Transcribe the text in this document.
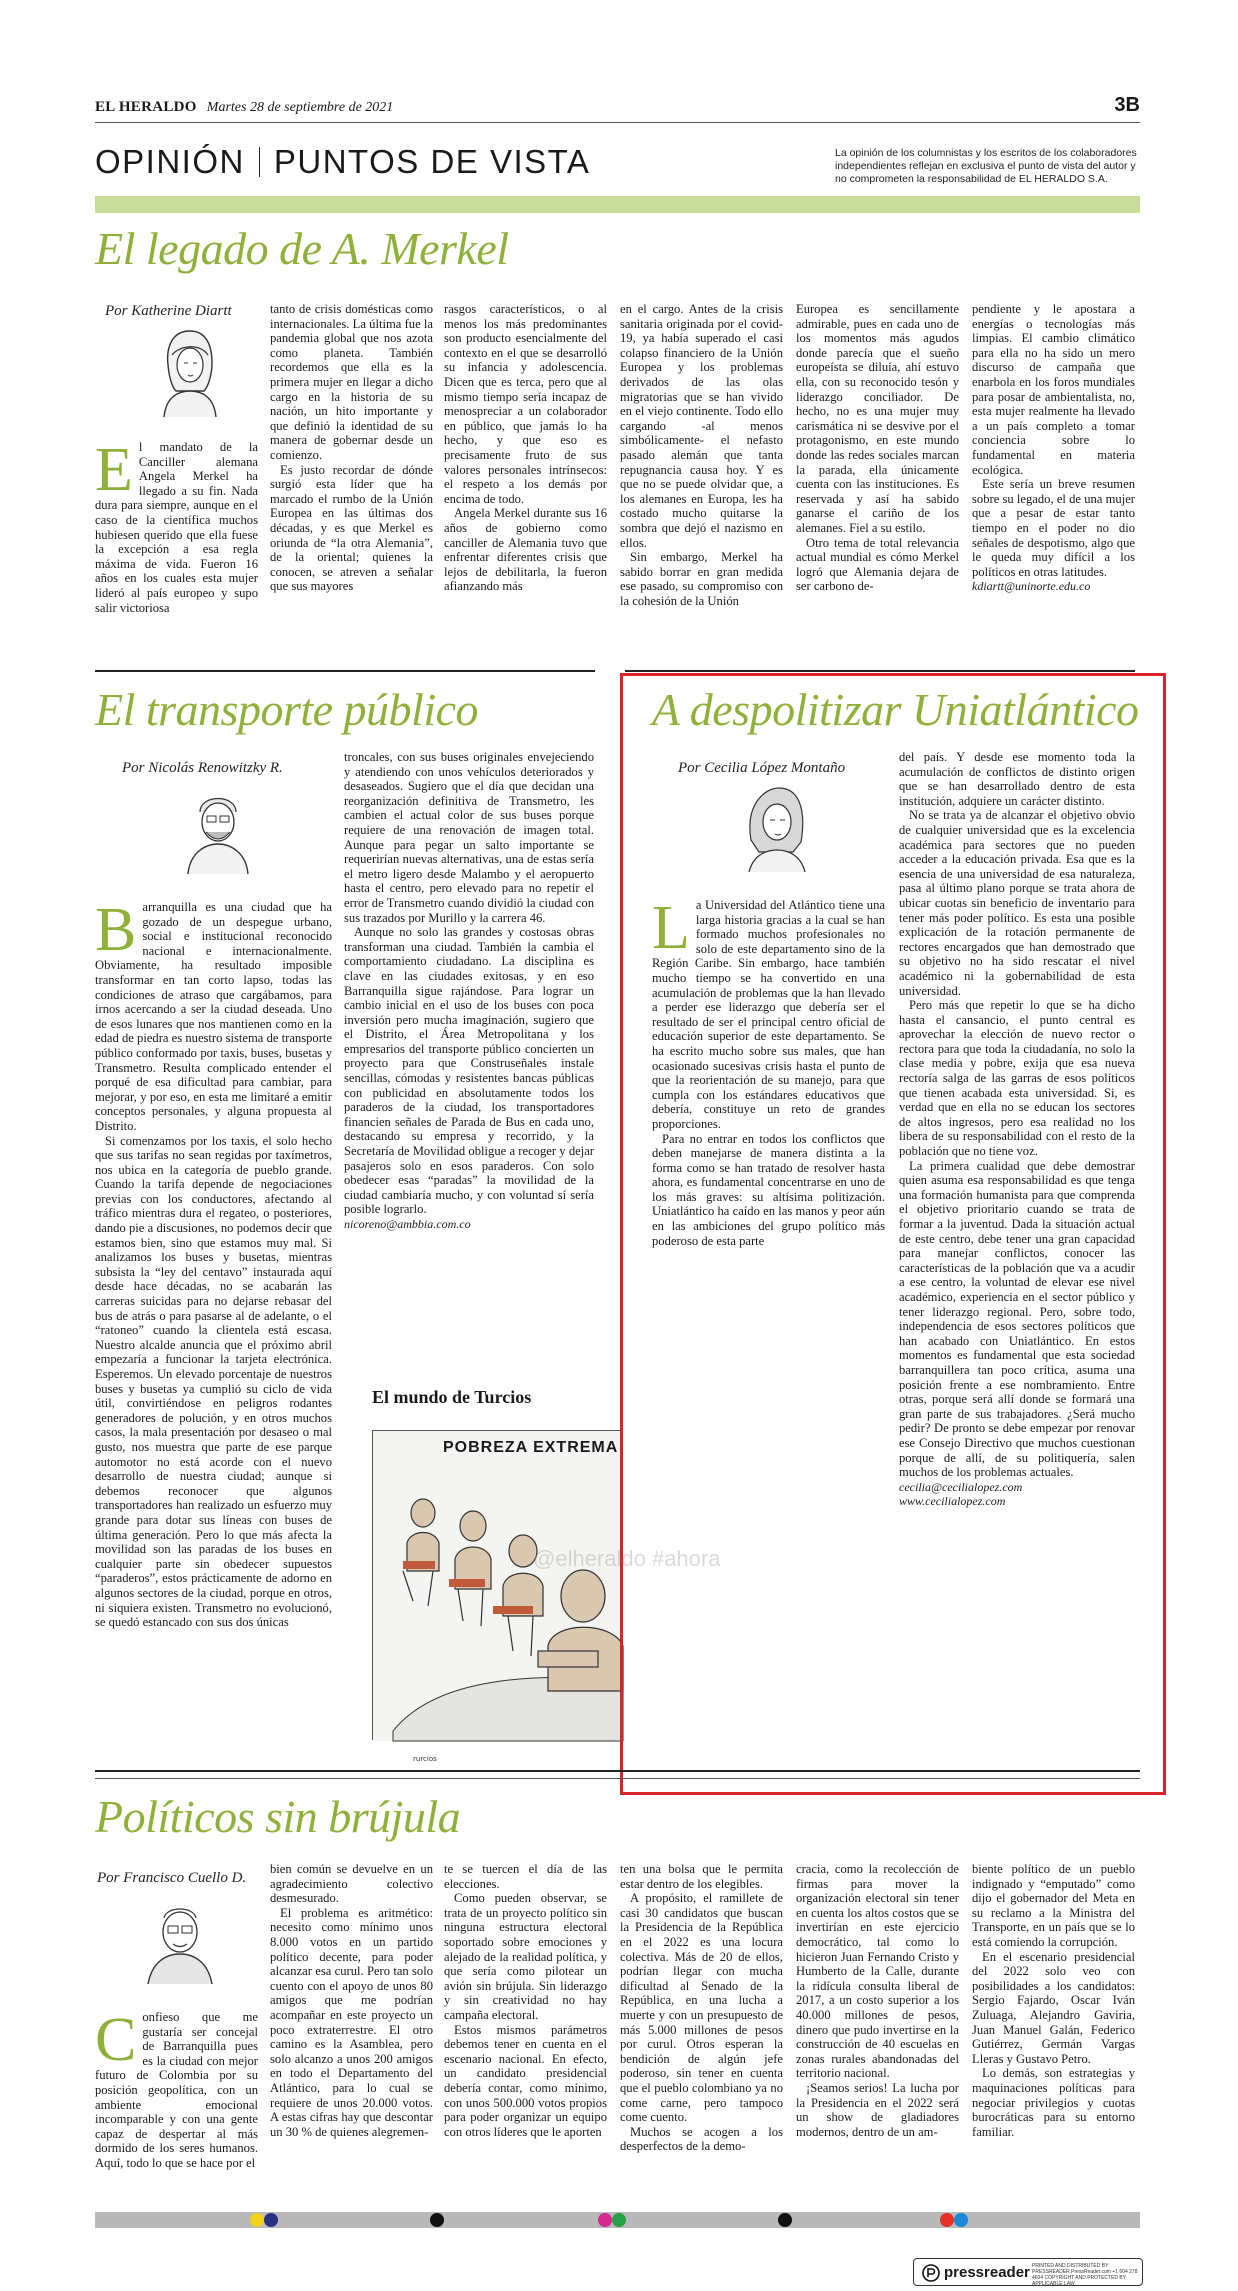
EL HERALDO Martes 28 de septiembre de 2021	3B
OPINIÓN PUNTOS DE VISTA	La opinión de los columnistas y los escritos de los colaboradores independientes reflejan en exclusiva el punto de vista del autor y no comprometen la responsabilidad de EL HERALDO S.A.
El legado de A. Merkel
Por Katherine Diartt
E l mandato de la Canciller alemana Angela Merkel ha llegado a su fin. Nada dura para siempre, aunque en el caso de la científica muchos hubiesen querido que ella fuese la excepción a esa regla máxima de vida. Fueron 16 años en los cuales esta mujer lideró al país europeo y supo salir victoriosa

tanto de crisis domésticas como internacionales. La última fue la pandemia global que nos azota como planeta. También recordemos que ella es la primera mujer en llegar a dicho cargo en la historia de su nación, un hito importante y que definió la identidad de su manera de gobernar desde un comienzo.

Es justo recordar de dónde surgió esta líder que ha marcado el rumbo de la Unión Europea en las últimas dos décadas, y es que Merkel es oriunda de “la otra Alemania”, de la oriental; quienes la conocen, se atreven a señalar que sus mayores

rasgos característicos, o al menos los más predominantes son producto esencialmente del contexto en el que se desarrolló su infancia y adolescencia. Dicen que es terca, pero que al mismo tiempo sería incapaz de menospreciar a un colaborador en público, que jamás lo ha hecho, y que eso es precisamente fruto de sus valores personales intrínsecos: el respeto a los demás por encima de todo.

Angela Merkel durante sus 16 años de gobierno como canciller de Alemania tuvo que enfrentar diferentes crisis que lejos de debilitarla, la fueron afianzando más

en el cargo. Antes de la crisis sanitaria originada por el covid-19, ya había superado el casi colapso financiero de la Unión Europea y los problemas derivados de las olas migratorias que se han vivido en el viejo continente. Todo ello cargando -al menos simbólicamente- el nefasto pasado alemán que tanta repugnancia causa hoy. Y es que no se puede olvidar que, a los alemanes en Europa, les ha costado mucho quitarse la sombra que dejó el nazismo en ellos.

Sin embargo, Merkel ha sabido borrar en gran medida ese pasado, su compromiso con la cohesión de la Unión

Europea es sencillamente admirable, pues en cada uno de los momentos más agudos donde parecía que el sueño europeísta se diluía, ahí estuvo ella, con su reconocido tesón y liderazgo conciliador. De hecho, no es una mujer muy carismática ni se desvive por el protagonismo, en este mundo donde las redes sociales marcan la parada, ella únicamente cuenta con las instituciones. Es reservada y así ha sabido ganarse el cariño de los alemanes. Fiel a su estilo.

Otro tema de total relevancia actual mundial es cómo Merkel logró que Alemania dejara de ser carbono de-

pendiente y le apostara a energías o tecnologías más limpias. El cambio climático para ella no ha sido un mero discurso de campaña que enarbola en los foros mundiales para posar de ambientalista, no, esta mujer realmente ha llevado a un país completo a tomar conciencia sobre lo fundamental en materia ecológica.

Este sería un breve resumen sobre su legado, el de una mujer que a pesar de estar tanto tiempo en el poder no dio señales de despotismo, algo que le queda muy difícil a los políticos en otras latitudes.

kdiartt@uninorte.edu.co
El transporte público
Por Nicolás Renowitzky R.
B arranquilla es una ciudad que ha gozado de un despegue urbano, social e institucional reconocido nacional e internacionalmente. Obviamente, ha resultado imposible transformar en tan corto lapso, todas las condiciones de atraso que cargábamos, para irnos acercando a ser la ciudad deseada. Uno de esos lunares que nos mantienen como en la edad de piedra es nuestro sistema de transporte público conformado por taxis, buses, busetas y Transmetro. Resulta complicado entender el porqué de esa dificultad para cambiar, para mejorar, y por eso, en esta me limitaré a emitir conceptos personales, y alguna propuesta al Distrito.

Si comenzamos por los taxis, el solo hecho que sus tarifas no sean regidas por taxímetros, nos ubica en la categoría de pueblo grande. Cuando la tarifa depende de negociaciones previas con los conductores, afectando al tráfico mientras dura el regateo, o posteriores, dando pie a discusiones, no podemos decir que estamos bien, sino que estamos muy mal. Si analizamos los buses y busetas, mientras subsista la “ley del centavo” instaurada aquí desde hace décadas, no se acabarán las carreras suicidas para no dejarse rebasar del bus de atrás o para pasarse al de adelante, o el “ratoneo” cuando la clientela está escasa. Nuestro alcalde anuncia que el próximo abril empezaría a funcionar la tarjeta electrónica. Esperemos. Un elevado porcentaje de nuestros buses y busetas ya cumplió su ciclo de vida útil, convirtiéndose en peligros rodantes generadores de polución, y en otros muchos casos, la mala presentación por desaseo o mal gusto, nos muestra que parte de ese parque automotor no está acorde con el nuevo desarrollo de nuestra ciudad; aunque si debemos reconocer que algunos transportadores han realizado un esfuerzo muy grande para dotar sus líneas con buses de última generación. Pero lo que más afecta la movilidad son las paradas de los buses en cualquier parte sin obedecer supuestos “paraderos”, estos prácticamente de adorno en algunos sectores de la ciudad, porque en otros, ni siquiera existen. Transmetro no evolucionó, se quedó estancado con sus dos únicas

troncales, con sus buses originales envejeciendo y atendiendo con unos vehículos deteriorados y desaseados. Sugiero que el día que decidan una reorganización definitiva de Transmetro, les cambien el actual color de sus buses porque requiere de una renovación de imagen total. Aunque para pegar un salto importante se requerirían nuevas alternativas, una de estas sería el metro ligero desde Malambo y el aeropuerto hasta el centro, pero elevado para no repetir el error de Transmetro cuando dividió la ciudad con sus trazados por Murillo y la carrera 46.

Aunque no solo las grandes y costosas obras transforman una ciudad. También la cambia el comportamiento ciudadano. La disciplina es clave en las ciudades exitosas, y en eso Barranquilla sigue rajándose. Para lograr un cambio inicial en el uso de los buses con poca inversión pero mucha imaginación, sugiero que el Distrito, el Área Metropolitana y los empresarios del transporte público concierten un proyecto para que Construseñales instale sencillas, cómodas y resistentes bancas públicas con publicidad en absolutamente todos los paraderos de la ciudad, los transportadores financien señales de Parada de Bus en cada uno, destacando su empresa y recorrido, y la Secretaría de Movilidad obligue a recoger y dejar pasajeros solo en esos paraderos. Con solo obedecer esas “paradas” la movilidad de la ciudad cambiaría mucho, y con voluntad sí sería posible lograrlo.

nicoreno@ambbia.com.co
El mundo de Turcios
rurcios
POBREZA EXTREMA
@elheraldo #ahora
A despolitizar Uniatlántico
Por Cecilia López Montaño
L a Universidad del Atlántico tiene una larga historia gracias a la cual se han formado muchos profesionales no solo de este departamento sino de la Región Caribe. Sin embargo, hace también mucho tiempo se ha convertido en una acumulación de problemas que la han llevado a perder ese liderazgo que debería ser el resultado de ser el principal centro oficial de educación superior de este departamento. Se ha escrito mucho sobre sus males, que han ocasionado sucesivas crisis hasta el punto de que la reorientación de su manejo, para que cumpla con los estándares educativos que debería, constituye un reto de grandes proporciones.

Para no entrar en todos los conflictos que deben manejarse de manera distinta a la forma como se han tratado de resolver hasta ahora, es fundamental concentrarse en uno de los más graves: su altísima politización. Uniatlántico ha caído en las manos y peor aún en las ambiciones del grupo político más poderoso de esta parte

del país. Y desde ese momento toda la acumulación de conflictos de distinto origen que se han desarrollado dentro de esta institución, adquiere un carácter distinto.

No se trata ya de alcanzar el objetivo obvio de cualquier universidad que es la excelencia académica para sectores que no pueden acceder a la educación privada. Esa que es la esencia de una universidad de esa naturaleza, pasa al último plano porque se trata ahora de ubicar cuotas sin beneficio de inventario para tener más poder político. Es esta una posible explicación de la rotación permanente de rectores encargados que han demostrado que su objetivo no ha sido rescatar el nivel académico ni la gobernabilidad de esta universidad.

Pero más que repetir lo que se ha dicho hasta el cansancio, el punto central es aprovechar la elección de nuevo rector o rectora para que toda la ciudadanía, no solo la clase media y pobre, exija que esa nueva rectoría salga de las garras de esos políticos que tienen acabada esta universidad. Si, es verdad que en ella no se educan los sectores de altos ingresos, pero esa realidad no los libera de su responsabilidad con el resto de la población que no tiene voz.

La primera cualidad que debe demostrar quien asuma esa responsabilidad es que tenga una formación humanista para que comprenda el objetivo prioritario cuando se trata de formar a la juventud. Dada la situación actual de este centro, debe tener una gran capacidad para manejar conflictos, conocer las características de la población que va a acudir a ese centro, la voluntad de elevar ese nivel académico, experiencia en el sector público y tener liderazgo regional. Pero, sobre todo, independencia de esos sectores políticos que han acabado con Uniatlántico. En estos momentos es fundamental que esta sociedad barranquillera tan poco crítica, asuma una posición frente a ese nombramiento. Entre otras, porque será allí donde se formará una gran parte de sus trabajadores. ¿Será mucho pedir? De pronto se debe empezar por renovar ese Consejo Directivo que muchos cuestionan porque de allí, de su politiquería, salen muchos de los problemas actuales.

cecilia@cecilialopez.com
www.cecilialopez.com
Políticos sin brújula
Por Francisco Cuello D.
C onfieso que me gustaría ser concejal de Barranquilla pues es la ciudad con mejor futuro de Colombia por su posición geopolítica, con un ambiente emocional incomparable y con una gente capaz de despertar al más dormido de los seres humanos. Aquí, todo lo que se hace por el

bien común se devuelve en un agradecimiento colectivo desmesurado.

El problema es aritmético: necesito como mínimo unos 8.000 votos en un partido político decente, para poder alcanzar esa curul. Pero tan solo cuento con el apoyo de unos 80 amigos que me podrían acompañar en este proyecto un poco extraterrestre. El otro camino es la Asamblea, pero solo alcanzo a unos 200 amigos en todo el Departamento del Atlántico, para lo cual se requiere de unos 20.000 votos. A estas cifras hay que descontar un 30 % de quienes alegremen-

te se tuercen el día de las elecciones.

Como pueden observar, se trata de un proyecto político sin ninguna estructura electoral soportado sobre emociones y alejado de la realidad política, y que sería como pilotear un avión sin brújula. Sin liderazgo y sin creatividad no hay campaña electoral.

Estos mismos parámetros debemos tener en cuenta en el escenario nacional. En efecto, un candidato presidencial debería contar, como mínimo, con unos 500.000 votos propios para poder organizar un equipo con otros líderes que le aporten

ten una bolsa que le permita estar dentro de los elegibles.

A propósito, el ramillete de casi 30 candidatos que buscan la Presidencia de la República en el 2022 es una locura colectiva. Más de 20 de ellos, podrían llegar con mucha dificultad al Senado de la República, en una lucha a muerte y con un presupuesto de más 5.000 millones de pesos por curul. Otros esperan la bendición de algún jefe poderoso, sin tener en cuenta que el pueblo colombiano ya no come carne, pero tampoco come cuento.

Muchos se acogen a los desperfectos de la demo-

cracia, como la recolección de firmas para mover la organización electoral sin tener en cuenta los altos costos que se invertirían en este ejercicio democrático, tal como lo hicieron Juan Fernando Cristo y Humberto de la Calle, durante la ridícula consulta liberal de 2017, a un costo superior a los 40.000 millones de pesos, dinero que pudo invertirse en la construcción de 40 escuelas en zonas rurales abandonadas del territorio nacional.

¡Seamos serios! La lucha por la Presidencia en el 2022 será un show de gladiadores modernos, dentro de un am-

biente político de un pueblo indignado y “emputado” como dijo el gobernador del Meta en su reclamo a la Ministra del Transporte, en un país que se lo está comiendo la corrupción.

En el escenario presidencial del 2022 solo veo con posibilidades a los candidatos: Sergio Fajardo, Oscar Iván Zuluaga, Alejandro Gaviria, Juan Manuel Galán, Federico Gutiérrez, Germán Vargas Lleras y Gustavo Petro.

Lo demás, son estrategias y maquinaciones políticas para negociar privilegios y cuotas burocráticas para su entorno familiar.

pressreader PRINTED AND DISTRIBUTED BY PRESSREADER PressReader.com +1 604 278 4604 COPYRIGHT AND PROTECTED BY APPLICABLE LAW
